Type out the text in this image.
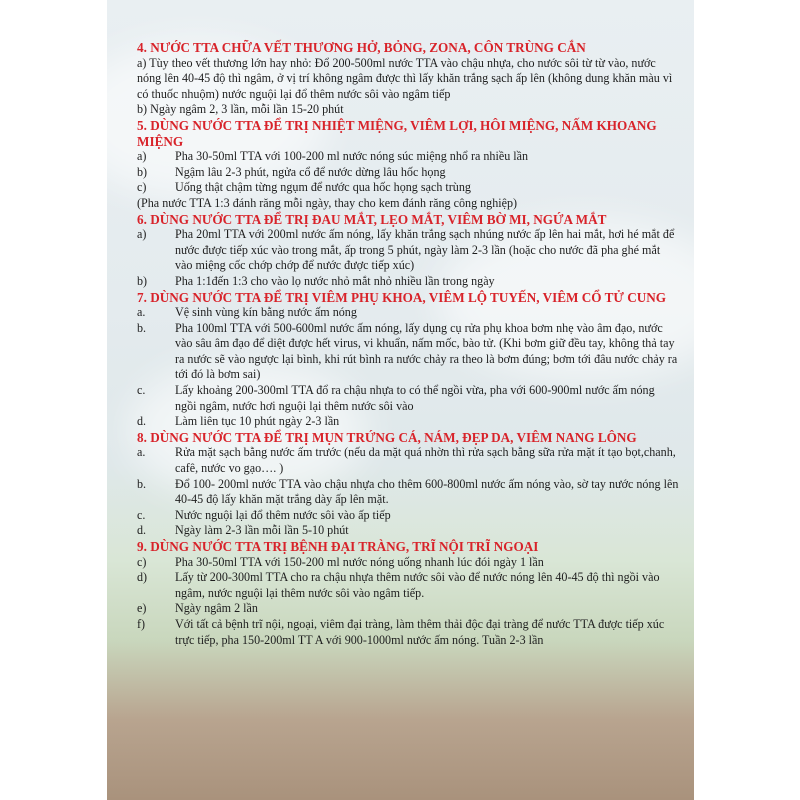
4. NƯỚC TTA CHỮA VẾT THƯƠNG HỞ, BỎNG, ZONA, CÔN TRÙNG CẮN

a) Tùy theo vết thương lớn hay nhỏ: Đổ 200-500ml nước TTA vào chậu nhựa, cho nước sôi từ từ vào, nước nóng lên 40-45 độ thì ngâm, ở vị trí không ngâm được thì lấy khăn trắng sạch ấp lên (không dung khăn màu vì có thuốc nhuộm) nước nguội lại đổ thêm nước sôi vào ngâm tiếp

b) Ngày ngâm 2, 3 lần, mỗi lần 15-20 phút

5. DÙNG NƯỚC TTA ĐỂ TRỊ NHIỆT MIỆNG, VIÊM LỢI, HÔI MIỆNG, NẤM KHOANG MIỆNG

a)	Pha 30-50ml TTA với 100-200 ml nước nóng súc miệng nhổ ra nhiều lần
b)	Ngậm lâu 2-3 phút, ngửa cổ để nước dừng lâu hốc họng
c)	Uống thật chậm từng ngụm để nước qua hốc họng sạch trùng

(Pha nước TTA 1:3 đánh răng mỗi ngày, thay cho kem đánh răng công nghiệp)

6. DÙNG NƯỚC TTA ĐỂ TRỊ ĐAU MẮT, LẸO MẮT, VIÊM BỜ MI, NGỨA MẮT

a)	Pha 20ml TTA với 200ml nước ấm nóng, lấy khăn trắng sạch nhúng nước ấp lên hai mắt, hơi hé mắt để nước được tiếp xúc vào trong mắt, ấp trong 5 phút, ngày làm 2-3 lần (hoặc cho nước đã pha ghé mắt vào miệng cốc chớp chớp để nước được tiếp xúc)
b)	Pha 1:1đến 1:3 cho vào lọ nước nhỏ mắt nhỏ nhiều lần trong ngày

7. DÙNG NƯỚC TTA ĐỂ TRỊ VIÊM PHỤ KHOA, VIÊM LỘ TUYẾN, VIÊM CỔ TỬ CUNG

a.	Vệ sinh vùng kín bằng nước ấm nóng
b.	Pha 100ml TTA với 500-600ml nước ấm nóng, lấy dụng cụ rửa phụ khoa bơm nhẹ vào âm đạo, nước vào sâu âm đạo để diệt được hết virus, vi khuẩn, nấm mốc, bào tử. (Khi bơm giữ đều tay, không thả tay ra nước sẽ vào ngược lại bình, khi rút bình ra nước chảy ra theo là bơm đúng; bơm tới đâu nước chảy ra tới đó là bơm sai)
c.	Lấy khoảng 200-300ml TTA đổ ra chậu nhựa to có thể ngồi vừa, pha với 600-900ml nước ấm nóng ngồi ngâm, nước hơi nguội lại thêm nước sôi vào
d.	Làm liên tục 10 phút ngày 2-3 lần

8. DÙNG NƯỚC TTA ĐỂ TRỊ MỤN TRỨNG CÁ, NÁM, ĐẸP DA, VIÊM NANG LÔNG

a.	Rửa mặt sạch bằng nước ấm trước (nếu da mặt quá nhờn thì rửa sạch bằng sữa rửa mặt ít tạo bọt,chanh, cafê, nước vo gạo…. )
b.	Đổ 100- 200ml nước TTA vào chậu nhựa cho thêm 600-800ml nước ấm nóng vào, sờ tay nước nóng lên 40-45 độ lấy khăn mặt trắng dày ấp lên mặt.
c.	Nước nguội lại đổ thêm nước sôi vào ấp tiếp
d.	Ngày làm 2-3 lần mỗi lần 5-10 phút

9. DÙNG NƯỚC TTA TRỊ BỆNH ĐẠI TRÀNG, TRĨ NỘI TRĨ NGOẠI

c)	Pha 30-50ml TTA với 150-200 ml nước nóng uống nhanh lúc đói ngày 1 lần
d)	Lấy từ 200-300ml TTA cho ra chậu nhựa thêm nước sôi vào để nước nóng lên 40-45 độ thì ngồi vào ngâm, nước nguội lại thêm nước sôi vào ngâm tiếp.
e)	Ngày ngâm 2 lần
f)	Với tất cả bệnh trĩ nội, ngoại, viêm đại tràng, làm thêm thải độc đại tràng để nước TTA được tiếp xúc trực tiếp, pha 150-200ml TT A với 900-1000ml nước ấm nóng. Tuần 2-3 lần
